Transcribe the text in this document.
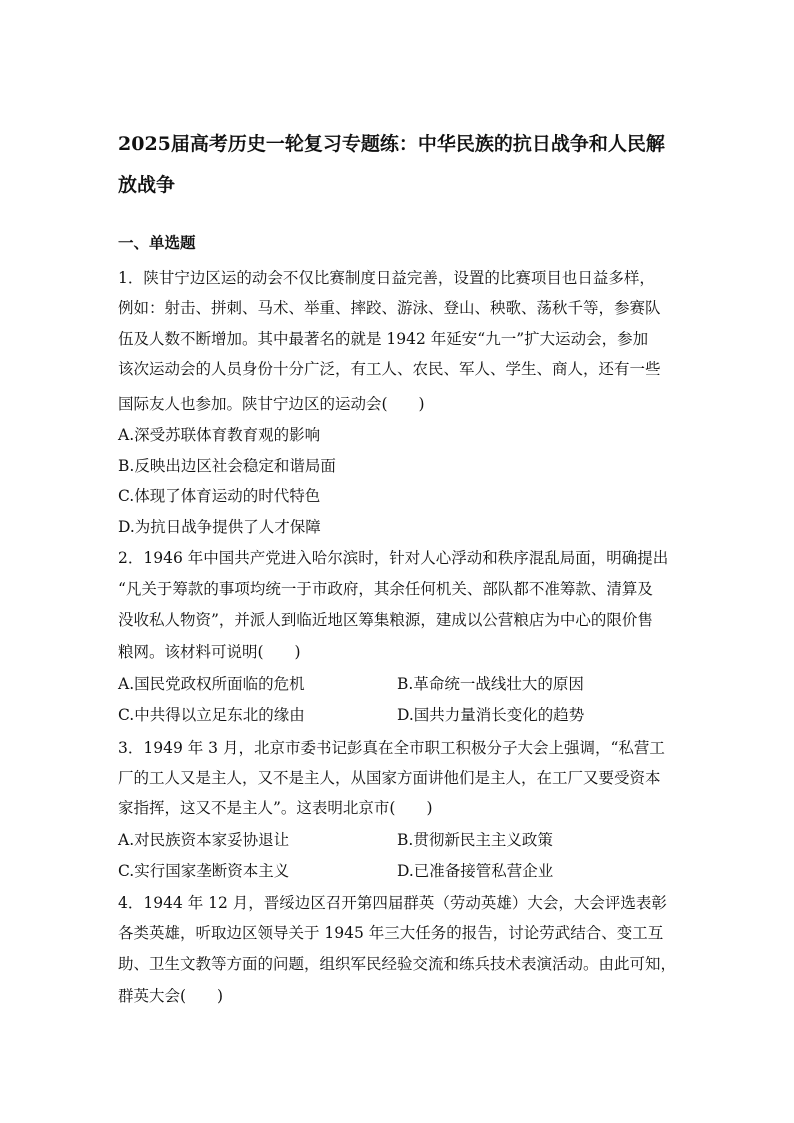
2025届高考历史一轮复习专题练：中华民族的抗日战争和人民解
放战争
一、单选题
1．陕甘宁边区运的动会不仅比赛制度日益完善，设置的比赛项目也日益多样，
例如：射击、拼刺、马术、举重、摔跤、游泳、登山、秧歌、荡秋千等，参赛队
伍及人数不断增加。其中最著名的就是 1942 年延安“九一”扩大运动会，参加
该次运动会的人员身份十分广泛，有工人、农民、军人、学生、商人，还有一些
国际友人也参加。陕甘宁边区的运动会(　　)
A.深受苏联体育教育观的影响
B.反映出边区社会稳定和谐局面
C.体现了体育运动的时代特色
D.为抗日战争提供了人才保障
2．1946 年中国共产党进入哈尔滨时，针对人心浮动和秩序混乱局面，明确提出
“凡关于筹款的事项均统一于市政府，其余任何机关、部队都不准筹款、清算及
没收私人物资”，并派人到临近地区筹集粮源，建成以公营粮店为中心的限价售
粮网。该材料可说明(　　)
A.国民党政权所面临的危机	B.革命统一战线壮大的原因
C.中共得以立足东北的缘由	D.国共力量消长变化的趋势
3．1949 年 3 月，北京市委书记彭真在全市职工积极分子大会上强调，“私营工
厂的工人又是主人，又不是主人，从国家方面讲他们是主人，在工厂又要受资本
家指挥，这又不是主人”。这表明北京市(　　)
A.对民族资本家妥协退让	B.贯彻新民主主义政策
C.实行国家垄断资本主义	D.已准备接管私营企业
4．1944 年 12 月，晋绥边区召开第四届群英（劳动英雄）大会，大会评选表彰
各类英雄，听取边区领导关于 1945 年三大任务的报告，讨论劳武结合、变工互
助、卫生文教等方面的问题，组织军民经验交流和练兵技术表演活动。由此可知，
群英大会(　　)
